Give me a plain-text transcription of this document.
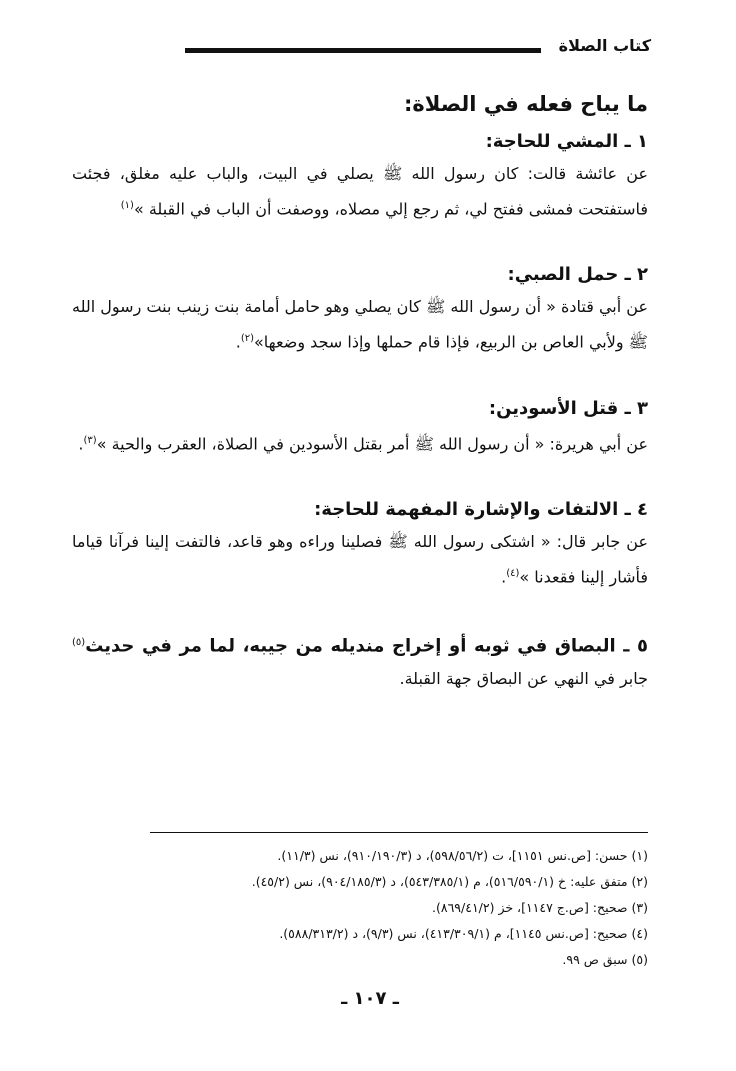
كتاب الصلاة
ما يباح فعله في الصلاة:
١ ـ المشي للحاجة:
عن عائشة قالت: كان رسول الله ﷺ يصلي في البيت، والباب عليه مغلق، فجئت فاستفتحت فمشى ففتح لي، ثم رجع إلي مصلاه، ووصفت أن الباب في القبلة »$^{(١)}$
٢ ـ حمل الصبي:
عن أبي قتادة « أن رسول الله ﷺ كان يصلي وهو حامل أمامة بنت زينب بنت رسول الله ﷺ ولأبي العاص بن الربيع، فإذا قام حملها وإذا سجد وضعها»$^{(٢)}$.
٣ ـ قتل الأسودين:
عن أبي هريرة: « أن رسول الله ﷺ أمر بقتل الأسودين في الصلاة، العقرب والحية »$^{(٣)}$.
٤ ـ الالتفات والإشارة المفهمة للحاجة:
عن جابر قال: « اشتكى رسول الله ﷺ فصلينا وراءه وهو قاعد، فالتفت إلينا فرآنا قياما فأشار إلينا فقعدنا »$^{(٤)}$.
٥ ـ البصاق في ثوبه أو إخراج منديله من جيبه، لما مر في حديث$^{(٥)}$ جابر في النهي عن البصاق جهة القبلة.
(١) حسن: [ص.نس ١١٥١]، ت (٥٩٨/٥٦/٢)، د (٩١٠/١٩٠/٣)، نس (١١/٣).
(٢) متفق عليه: خ (٥١٦/٥٩٠/١)، م (٥٤٣/٣٨٥/١)، د (٩٠٤/١٨٥/٣)، نس (٤٥/٢).
(٣) صحيح: [ص.ج ١١٤٧]، خز (٨٦٩/٤١/٢).
(٤) صحيح: [ص.نس ١١٤٥]، م (٤١٣/٣٠٩/١)، نس (٩/٣)، د (٥٨٨/٣١٣/٢).
(٥) سبق ص ٩٩.
ـ ١٠٧ ـ
